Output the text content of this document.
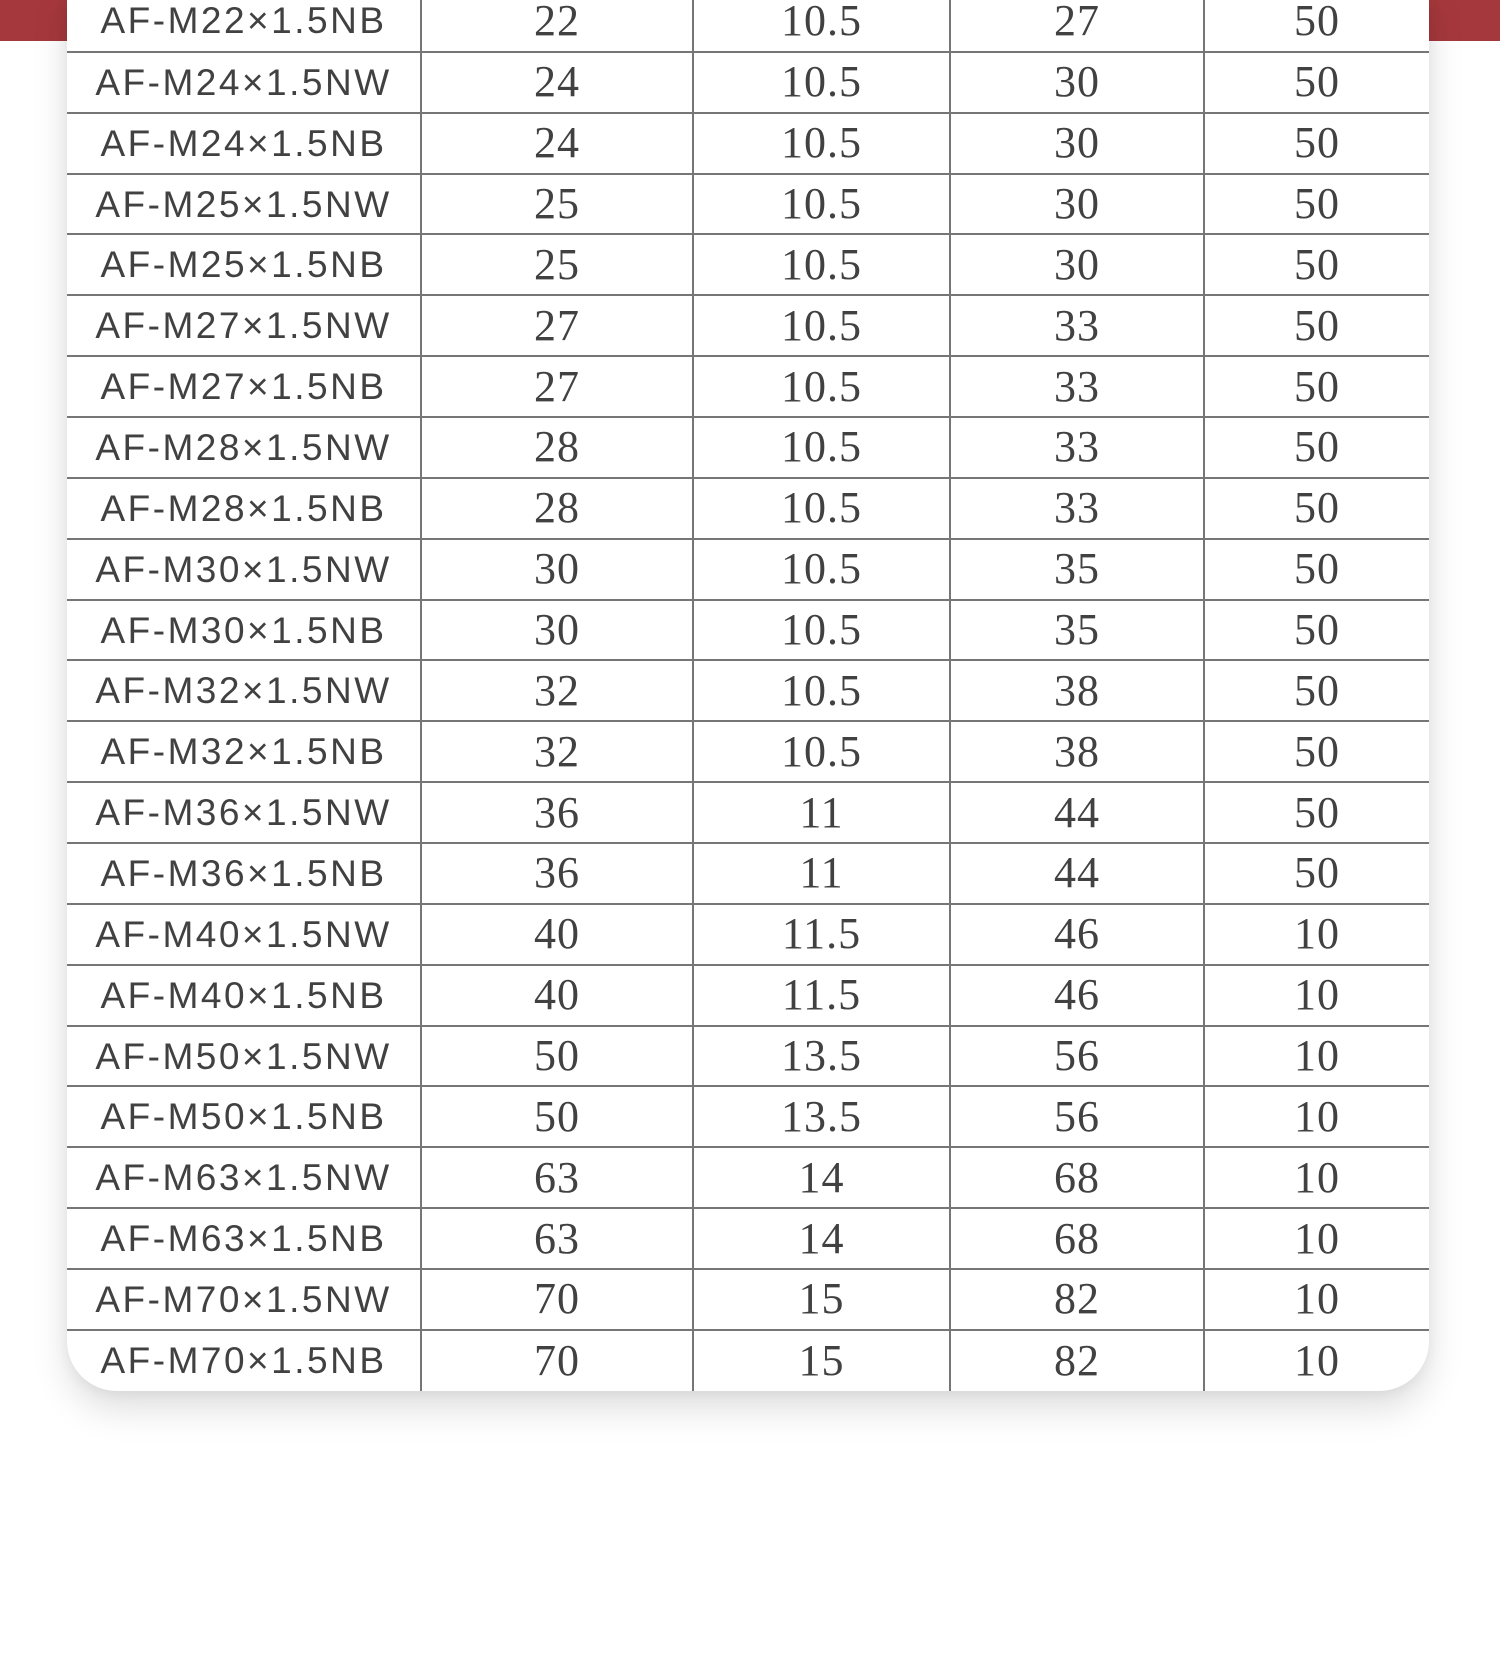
AF-M22×1.5NB	22	10.5	27	50
AF-M24×1.5NW	24	10.5	30	50
AF-M24×1.5NB	24	10.5	30	50
AF-M25×1.5NW	25	10.5	30	50
AF-M25×1.5NB	25	10.5	30	50
AF-M27×1.5NW	27	10.5	33	50
AF-M27×1.5NB	27	10.5	33	50
AF-M28×1.5NW	28	10.5	33	50
AF-M28×1.5NB	28	10.5	33	50
AF-M30×1.5NW	30	10.5	35	50
AF-M30×1.5NB	30	10.5	35	50
AF-M32×1.5NW	32	10.5	38	50
AF-M32×1.5NB	32	10.5	38	50
AF-M36×1.5NW	36	11	44	50
AF-M36×1.5NB	36	11	44	50
AF-M40×1.5NW	40	11.5	46	10
AF-M40×1.5NB	40	11.5	46	10
AF-M50×1.5NW	50	13.5	56	10
AF-M50×1.5NB	50	13.5	56	10
AF-M63×1.5NW	63	14	68	10
AF-M63×1.5NB	63	14	68	10
AF-M70×1.5NW	70	15	82	10
AF-M70×1.5NB	70	15	82	10
